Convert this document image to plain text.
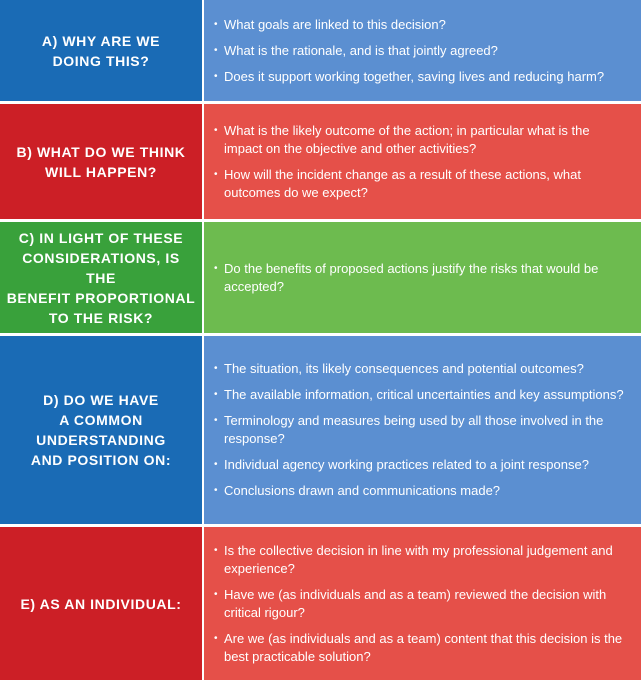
A) WHY ARE WE
DOING THIS?
• What goals are linked to this decision?
• What is the rationale, and is that jointly agreed?
• Does it support working together, saving lives and reducing harm?
B) WHAT DO WE THINK
WILL HAPPEN?
• What is the likely outcome of the action; in particular what is the impact on the objective and other activities?
• How will the incident change as a result of these actions, what outcomes do we expect?
C) IN LIGHT OF THESE
CONSIDERATIONS, IS THE
BENEFIT PROPORTIONAL
TO THE RISK?
• Do the benefits of proposed actions justify the risks that would be accepted?
D) DO WE HAVE
A COMMON
UNDERSTANDING
AND POSITION ON:
• The situation, its likely consequences and potential outcomes?
• The available information, critical uncertainties and key assumptions?
• Terminology and measures being used by all those involved in the response?
• Individual agency working practices related to a joint response?
• Conclusions drawn and communications made?
E) AS AN INDIVIDUAL:
• Is the collective decision in line with my professional judgement and experience?
• Have we (as individuals and as a team) reviewed the decision with critical rigour?
• Are we (as individuals and as a team) content that this decision is the best practicable solution?
